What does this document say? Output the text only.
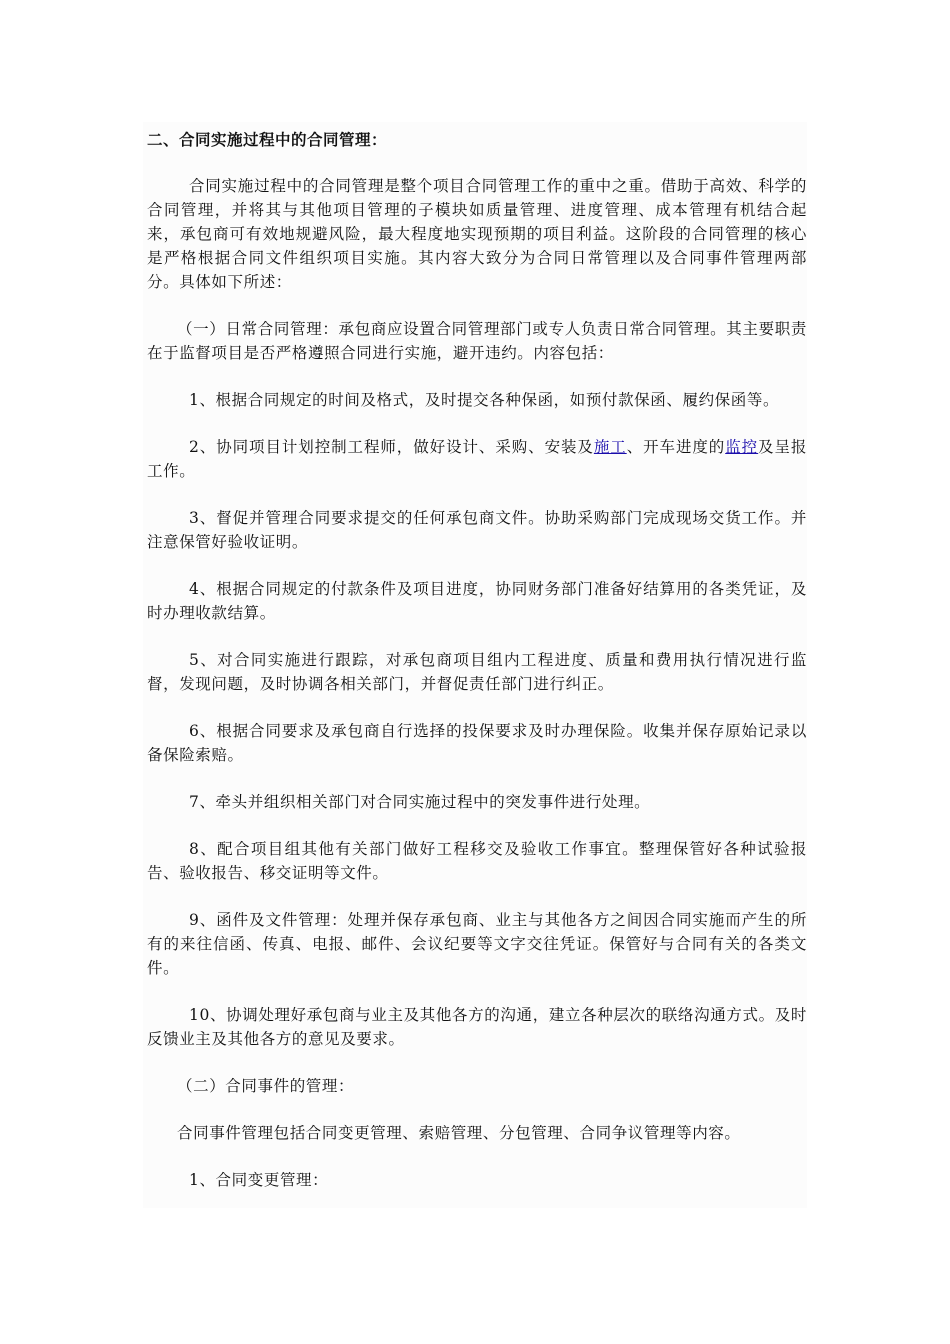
二、合同实施过程中的合同管理：

合同实施过程中的合同管理是整个项目合同管理工作的重中之重。借助于高效、科学的合同管理，并将其与其他项目管理的子模块如质量管理、进度管理、成本管理有机结合起来，承包商可有效地规避风险，最大程度地实现预期的项目利益。这阶段的合同管理的核心是严格根据合同文件组织项目实施。其内容大致分为合同日常管理以及合同事件管理两部分。具体如下所述：

（一）日常合同管理：承包商应设置合同管理部门或专人负责日常合同管理。其主要职责在于监督项目是否严格遵照合同进行实施，避开违约。内容包括：

1、根据合同规定的时间及格式，及时提交各种保函，如预付款保函、履约保函等。

2、协同项目计划控制工程师，做好设计、采购、安装及施工、开车进度的监控及呈报工作。

3、督促并管理合同要求提交的任何承包商文件。协助采购部门完成现场交货工作。并注意保管好验收证明。

4、根据合同规定的付款条件及项目进度，协同财务部门准备好结算用的各类凭证，及时办理收款结算。

5、对合同实施进行跟踪，对承包商项目组内工程进度、质量和费用执行情况进行监督，发现问题，及时协调各相关部门，并督促责任部门进行纠正。

6、根据合同要求及承包商自行选择的投保要求及时办理保险。收集并保存原始记录以备保险索赔。

7、牵头并组织相关部门对合同实施过程中的突发事件进行处理。

8、配合项目组其他有关部门做好工程移交及验收工作事宜。整理保管好各种试验报告、验收报告、移交证明等文件。

9、函件及文件管理：处理并保存承包商、业主与其他各方之间因合同实施而产生的所有的来往信函、传真、电报、邮件、会议纪要等文字交往凭证。保管好与合同有关的各类文件。

10、协调处理好承包商与业主及其他各方的沟通，建立各种层次的联络沟通方式。及时反馈业主及其他各方的意见及要求。

（二）合同事件的管理：

合同事件管理包括合同变更管理、索赔管理、分包管理、合同争议管理等内容。

1、合同变更管理：
